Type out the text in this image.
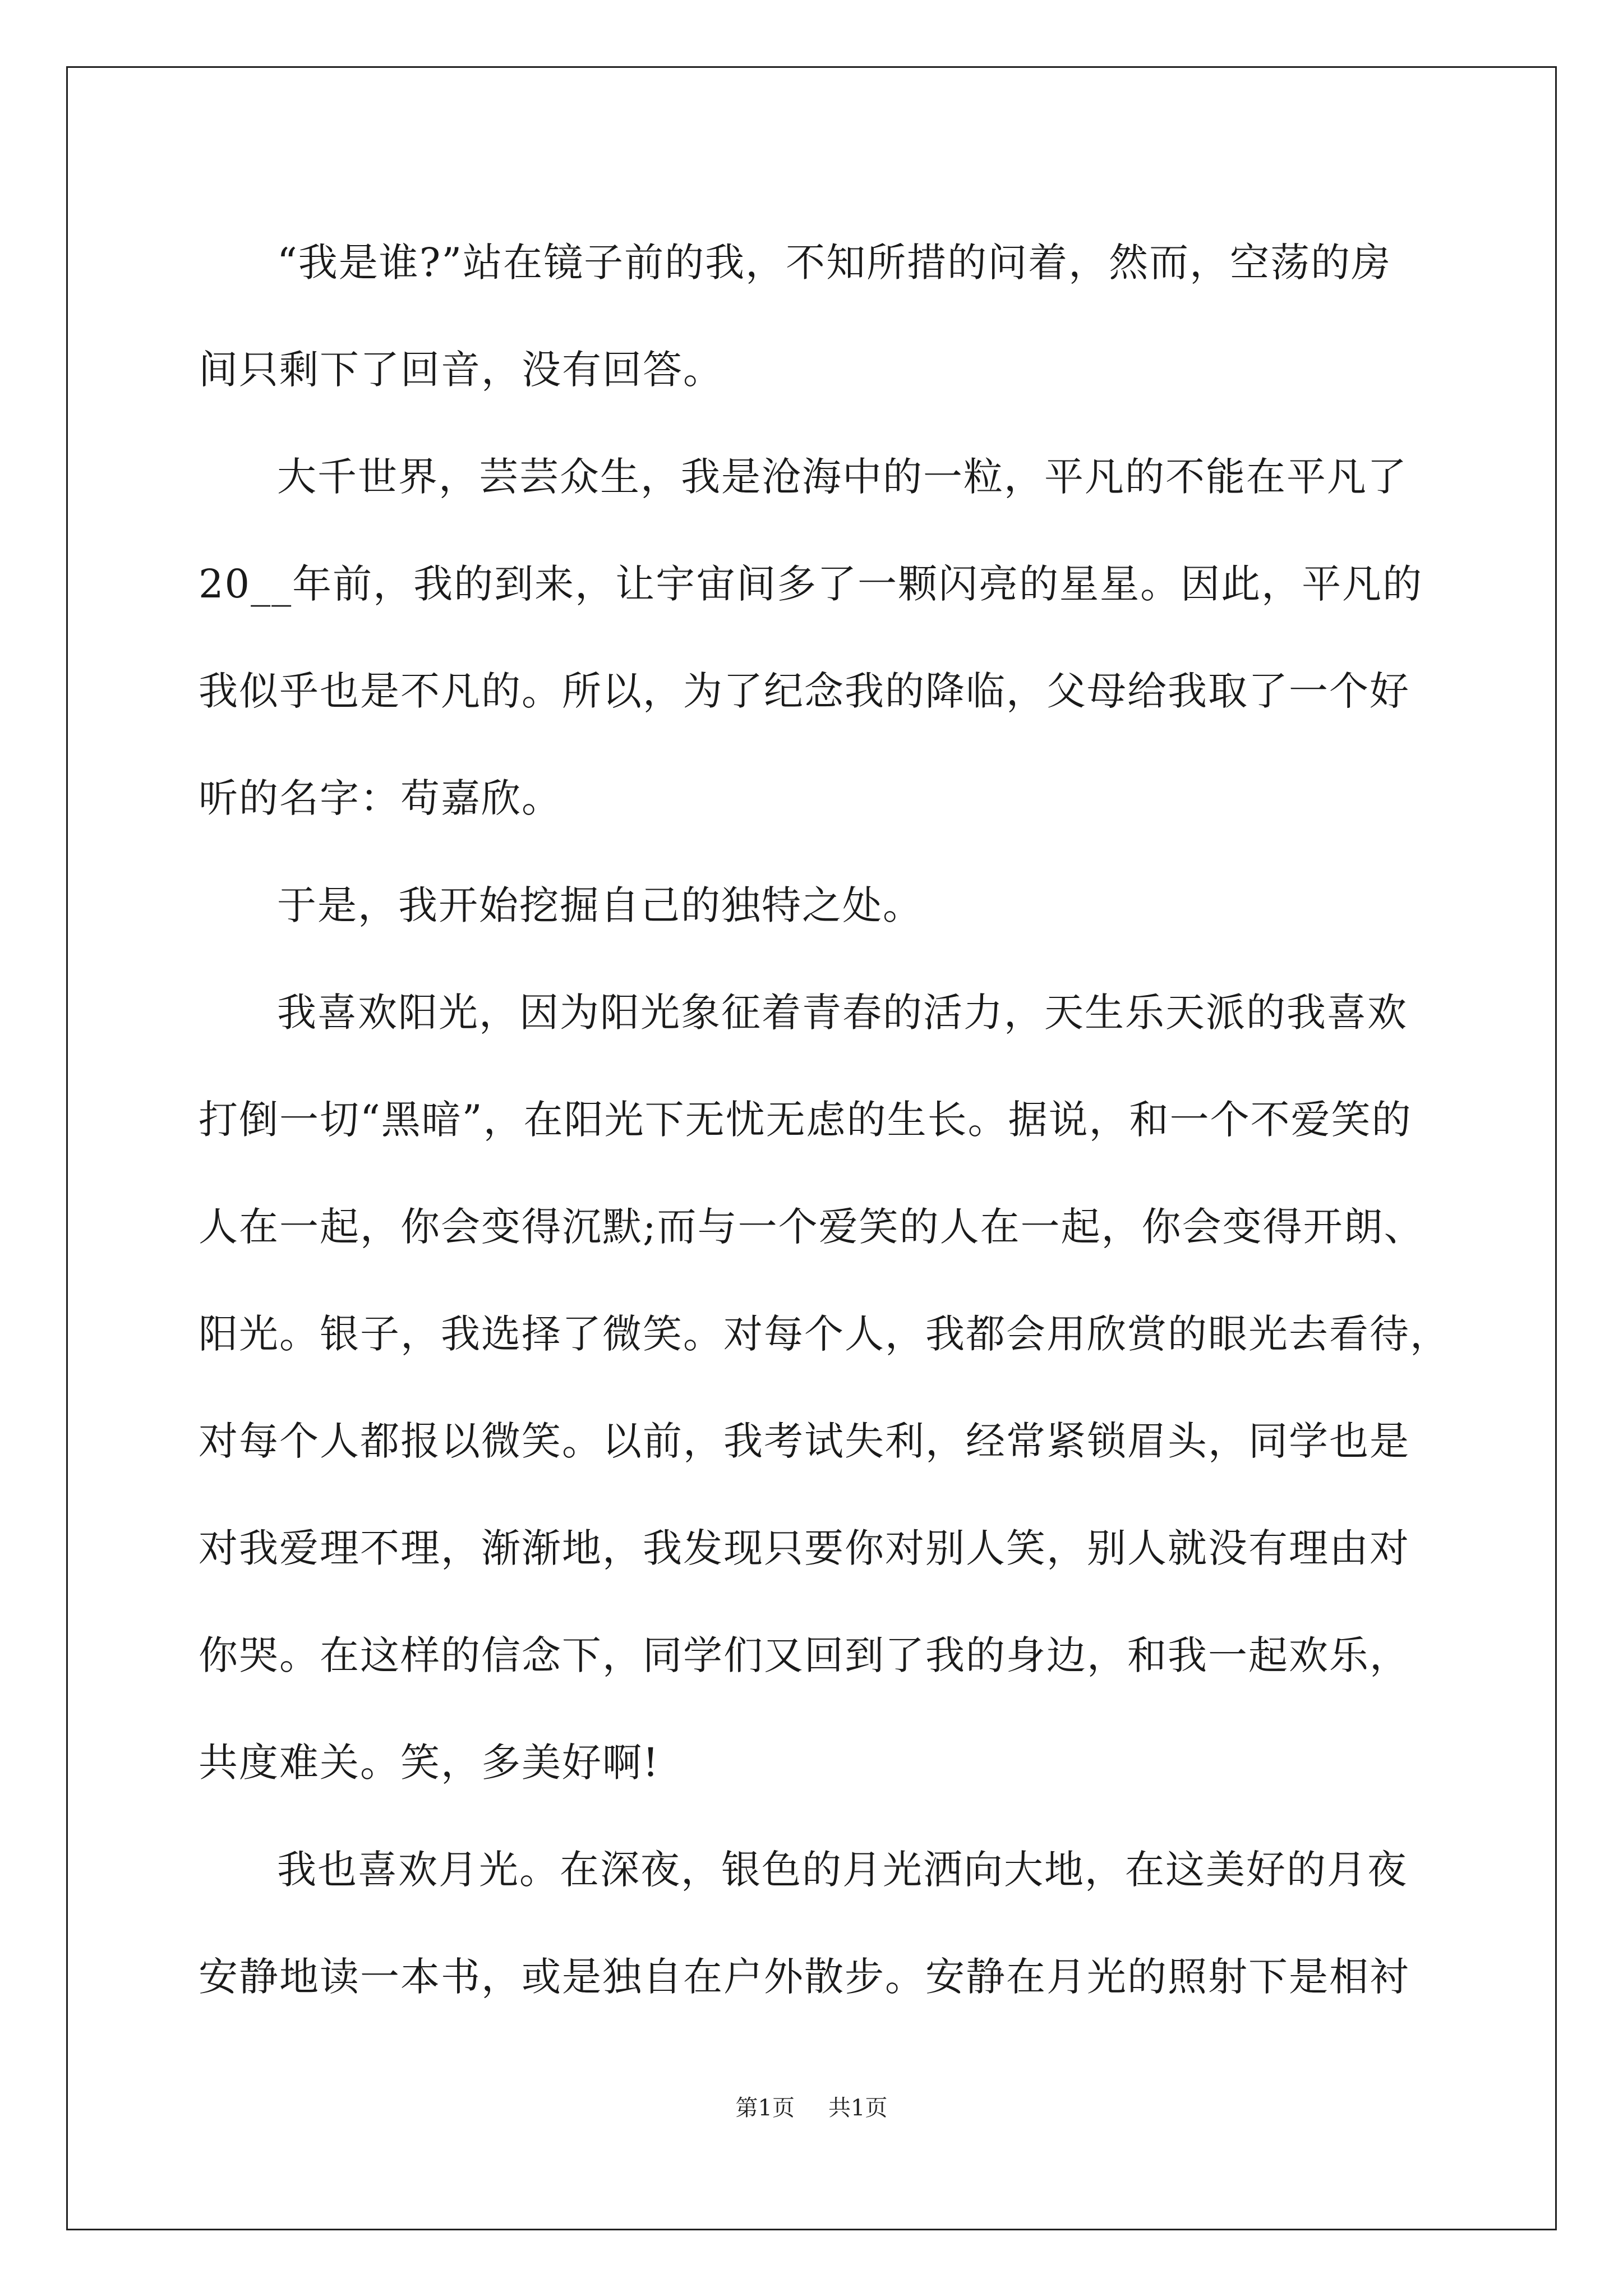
“我是谁?”站在镜子前的我，不知所措的问着，然而，空荡的房
间只剩下了回音，没有回答。
大千世界，芸芸众生，我是沧海中的一粒，平凡的不能在平凡了
20__年前，我的到来，让宇宙间多了一颗闪亮的星星。因此，平凡的
我似乎也是不凡的。所以，为了纪念我的降临，父母给我取了一个好
听的名字：苟嘉欣。
于是，我开始挖掘自己的独特之处。
我喜欢阳光，因为阳光象征着青春的活力，天生乐天派的我喜欢
打倒一切“黑暗”，在阳光下无忧无虑的生长。据说，和一个不爱笑的
人在一起，你会变得沉默;而与一个爱笑的人在一起，你会变得开朗、
阳光。银子，我选择了微笑。对每个人，我都会用欣赏的眼光去看待，
对每个人都报以微笑。以前，我考试失利，经常紧锁眉头，同学也是
对我爱理不理，渐渐地，我发现只要你对别人笑，别人就没有理由对
你哭。在这样的信念下，同学们又回到了我的身边，和我一起欢乐，
共度难关。笑，多美好啊!
我也喜欢月光。在深夜，银色的月光洒向大地，在这美好的月夜
安静地读一本书，或是独自在户外散步。安静在月光的照射下是相衬
第1页 共1页
